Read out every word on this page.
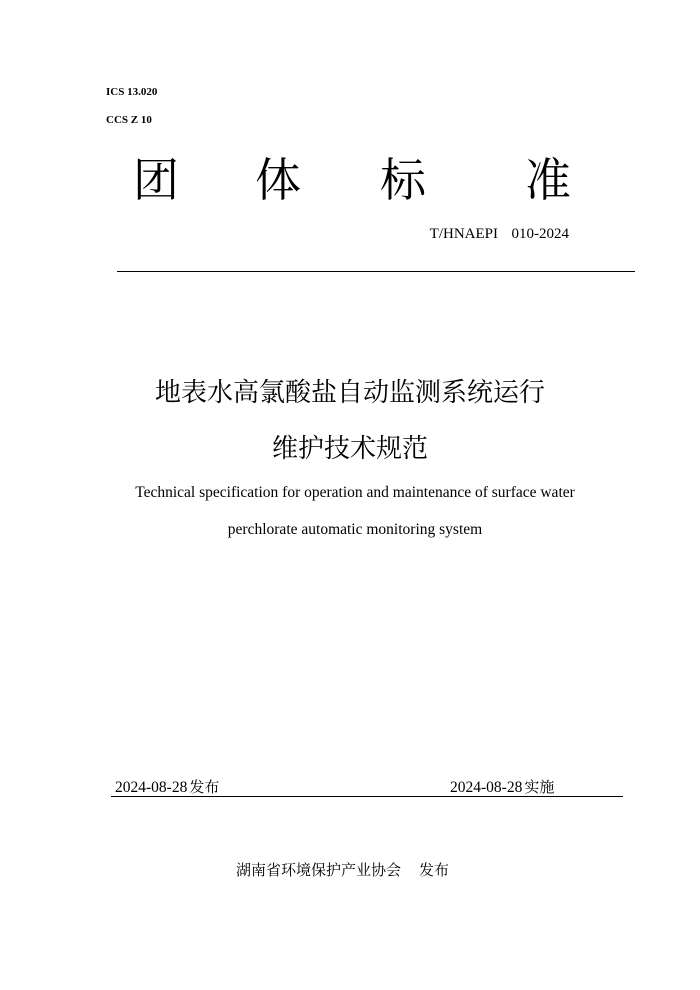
ICS 13.020
CCS Z 10
团 体 标 准
T/HNAEPI  010-2024
地表水高氯酸盐自动监测系统运行
维护技术规范
Technical specification for operation and maintenance of surface water
perchlorate automatic monitoring system
2024-08-28 发布	2024-08-28 实施
湖南省环境保护产业协会 发布
